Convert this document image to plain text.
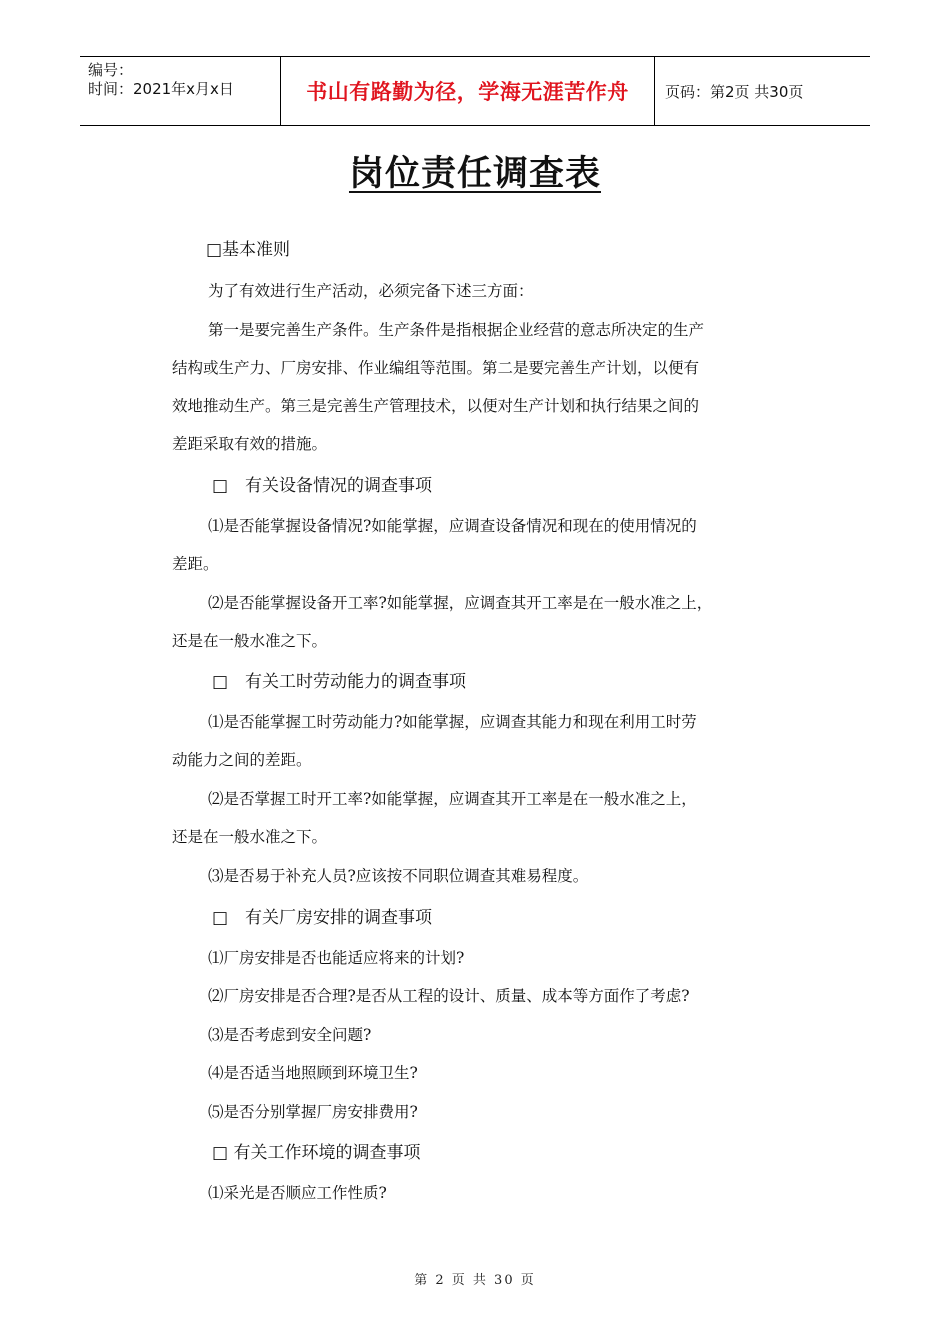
编号：
时间：2021年x月x日	书山有路勤为径，学海无涯苦作舟	页码：第2页 共30页
岗位责任调查表
□基本准则
为了有效进行生产活动，必须完备下述三方面：
第一是要完善生产条件。生产条件是指根据企业经营的意志所决定的生产
结构或生产力、厂房安排、作业编组等范围。第二是要完善生产计划，以便有
效地推动生产。第三是完善生产管理技术，以便对生产计划和执行结果之间的
差距采取有效的措施。
□　有关设备情况的调查事项
⑴是否能掌握设备情况?如能掌握，应调查设备情况和现在的使用情况的
差距。
⑵是否能掌握设备开工率?如能掌握，应调查其开工率是在一般水准之上，
还是在一般水准之下。
□　有关工时劳动能力的调查事项
⑴是否能掌握工时劳动能力?如能掌握，应调查其能力和现在利用工时劳
动能力之间的差距。
⑵是否掌握工时开工率?如能掌握，应调查其开工率是在一般水准之上，
还是在一般水准之下。
⑶是否易于补充人员?应该按不同职位调查其难易程度。
□　有关厂房安排的调查事项
⑴厂房安排是否也能适应将来的计划?
⑵厂房安排是否合理?是否从工程的设计、质量、成本等方面作了考虑?
⑶是否考虑到安全问题?
⑷是否适当地照顾到环境卫生?
⑸是否分别掌握厂房安排费用?
□ 有关工作环境的调查事项
⑴采光是否顺应工作性质?
第 2 页 共 30 页
